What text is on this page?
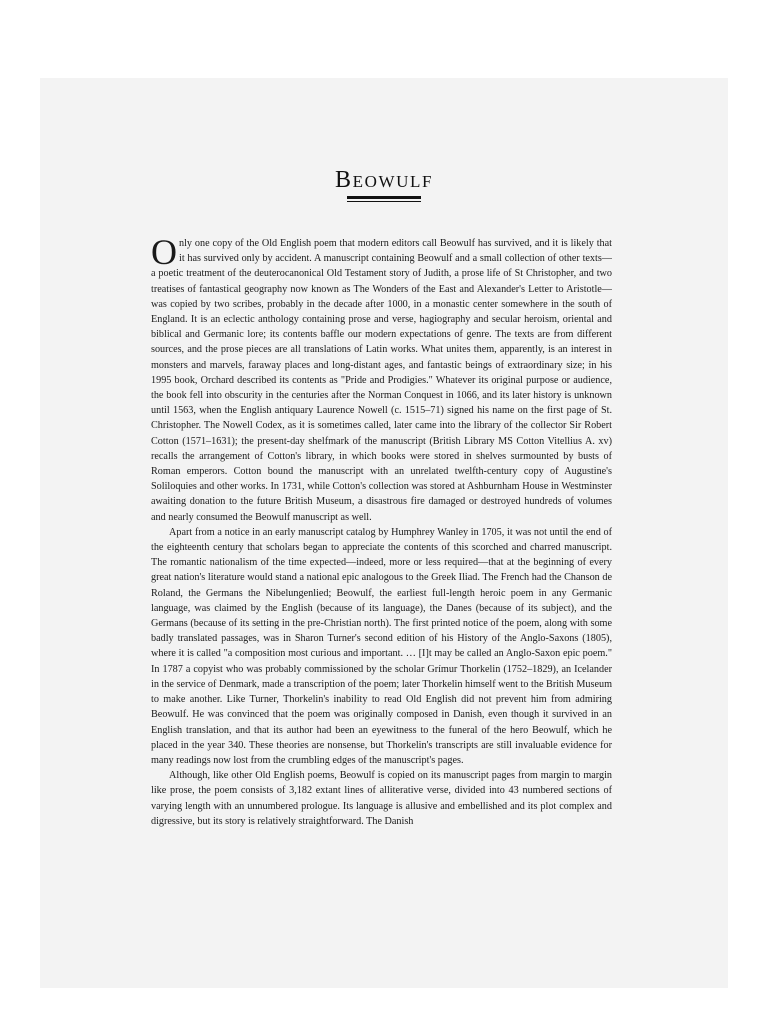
Beowulf

Only one copy of the Old English poem that modern editors call Beowulf has survived, and it is likely that it has survived only by accident. A manuscript containing Beowulf and a small collection of other texts—a poetic treatment of the deuterocanonical Old Testament story of Judith, a prose life of St Christopher, and two treatises of fantastical geography now known as The Wonders of the East and Alexander's Letter to Aristotle—was copied by two scribes, probably in the decade after 1000, in a monastic center somewhere in the south of England. It is an eclectic anthology containing prose and verse, hagiography and secular heroism, oriental and biblical and Germanic lore; its contents baffle our modern expectations of genre. The texts are from different sources, and the prose pieces are all translations of Latin works. What unites them, apparently, is an interest in monsters and marvels, faraway places and long-distant ages, and fantastic beings of extraordinary size; in his 1995 book, Orchard described its contents as "Pride and Prodigies." Whatever its original purpose or audience, the book fell into obscurity in the centuries after the Norman Conquest in 1066, and its later history is unknown until 1563, when the English antiquary Laurence Nowell (c. 1515–71) signed his name on the first page of St. Christopher. The Nowell Codex, as it is sometimes called, later came into the library of the collector Sir Robert Cotton (1571–1631); the present-day shelfmark of the manuscript (British Library MS Cotton Vitellius A. xv) recalls the arrangement of Cotton's library, in which books were stored in shelves surmounted by busts of Roman emperors. Cotton bound the manuscript with an unrelated twelfth-century copy of Augustine's Soliloquies and other works. In 1731, while Cotton's collection was stored at Ashburnham House in Westminster awaiting donation to the future British Museum, a disastrous fire damaged or destroyed hundreds of volumes and nearly consumed the Beowulf manuscript as well.

Apart from a notice in an early manuscript catalog by Humphrey Wanley in 1705, it was not until the end of the eighteenth century that scholars began to appreciate the contents of this scorched and charred manuscript. The romantic nationalism of the time expected—indeed, more or less required—that at the beginning of every great nation's literature would stand a national epic analogous to the Greek Iliad. The French had the Chanson de Roland, the Germans the Nibelungenlied; Beowulf, the earliest full-length heroic poem in any Germanic language, was claimed by the English (because of its language), the Danes (because of its subject), and the Germans (because of its setting in the pre-Christian north). The first printed notice of the poem, along with some badly translated passages, was in Sharon Turner's second edition of his History of the Anglo-Saxons (1805), where it is called "a composition most curious and important. … [I]t may be called an Anglo-Saxon epic poem." In 1787 a copyist who was probably commissioned by the scholar Grímur Thorkelin (1752–1829), an Icelander in the service of Denmark, made a transcription of the poem; later Thorkelin himself went to the British Museum to make another. Like Turner, Thorkelin's inability to read Old English did not prevent him from admiring Beowulf. He was convinced that the poem was originally composed in Danish, even though it survived in an English translation, and that its author had been an eyewitness to the funeral of the hero Beowulf, which he placed in the year 340. These theories are nonsense, but Thorkelin's transcripts are still invaluable evidence for many readings now lost from the crumbling edges of the manuscript's pages.

Although, like other Old English poems, Beowulf is copied on its manuscript pages from margin to margin like prose, the poem consists of 3,182 extant lines of alliterative verse, divided into 43 numbered sections of varying length with an unnumbered prologue. Its language is allusive and embellished and its plot complex and digressive, but its story is relatively straightforward. The Danish
